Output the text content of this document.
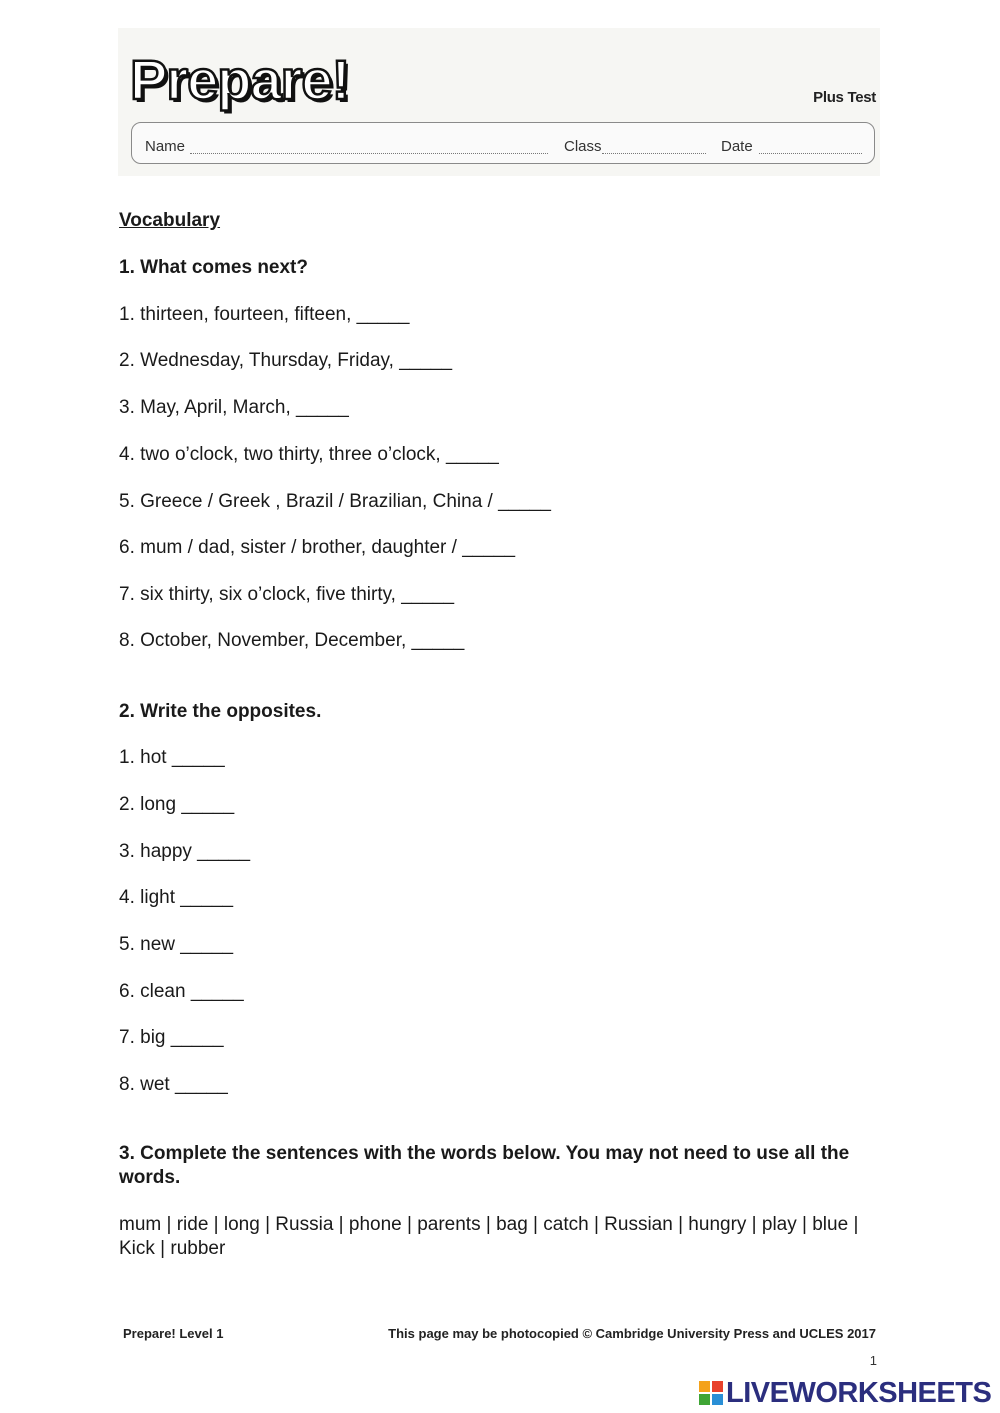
Prepare!	Plus Test
Name	Class	Date
Vocabulary
1. What comes next?
1. thirteen, fourteen, fifteen, _____
2. Wednesday, Thursday, Friday, _____
3. May, April, March, _____
4. two o’clock, two thirty, three o’clock, _____
5. Greece / Greek , Brazil / Brazilian, China / _____
6. mum / dad, sister / brother, daughter / _____
7. six thirty, six o’clock, five thirty, _____
8. October, November, December, _____
2. Write the opposites.
1. hot _____
2. long _____
3. happy _____
4. light _____
5. new _____
6. clean _____
7. big _____
8. wet _____
3. Complete the sentences with the words below. You may not need to use all the words.
mum | ride | long | Russia | phone | parents | bag | catch | Russian | hungry | play | blue | Kick | rubber
Prepare! Level 1	This page may be photocopied © Cambridge University Press and UCLES 2017
1
LIVEWORKSHEETS
